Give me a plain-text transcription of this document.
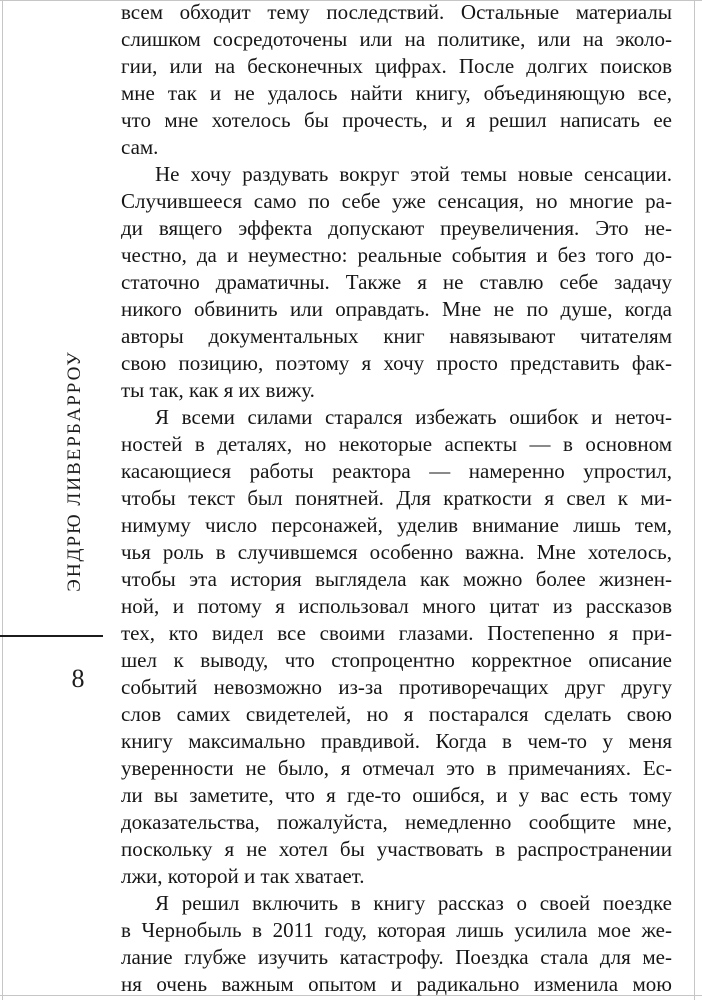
ЭНДРЮ ЛИВЕРБАРРОУ
8
всем обходит тему последствий. Остальные материалы
слишком сосредоточены или на политике, или на эколо-
гии, или на бесконечных цифрах. После долгих поисков
мне так и не удалось найти книгу, объединяющую все,
что мне хотелось бы прочесть, и я решил написать ее
сам.
Не хочу раздувать вокруг этой темы новые сенсации.
Случившееся само по себе уже сенсация, но многие ра-
ди вящего эффекта допускают преувеличения. Это не-
честно, да и неуместно: реальные события и без того до-
статочно драматичны. Также я не ставлю себе задачу
никого обвинить или оправдать. Мне не по душе, когда
авторы документальных книг навязывают читателям
свою позицию, поэтому я хочу просто представить фак-
ты так, как я их вижу.
Я всеми силами старался избежать ошибок и неточ-
ностей в деталях, но некоторые аспекты — в основном
касающиеся работы реактора — намеренно упростил,
чтобы текст был понятней. Для краткости я свел к ми-
нимуму число персонажей, уделив внимание лишь тем,
чья роль в случившемся особенно важна. Мне хотелось,
чтобы эта история выглядела как можно более жизнен-
ной, и потому я использовал много цитат из рассказов
тех, кто видел все своими глазами. Постепенно я при-
шел к выводу, что стопроцентно корректное описание
событий невозможно из-за противоречащих друг другу
слов самих свидетелей, но я постарался сделать свою
книгу максимально правдивой. Когда в чем-то у меня
уверенности не было, я отмечал это в примечаниях. Ес-
ли вы заметите, что я где-то ошибся, и у вас есть тому
доказательства, пожалуйста, немедленно сообщите мне,
поскольку я не хотел бы участвовать в распространении
лжи, которой и так хватает.
Я решил включить в книгу рассказ о своей поездке
в Чернобыль в 2011 году, которая лишь усилила мое же-
лание глубже изучить катастрофу. Поездка стала для ме-
ня очень важным опытом и радикально изменила мою
